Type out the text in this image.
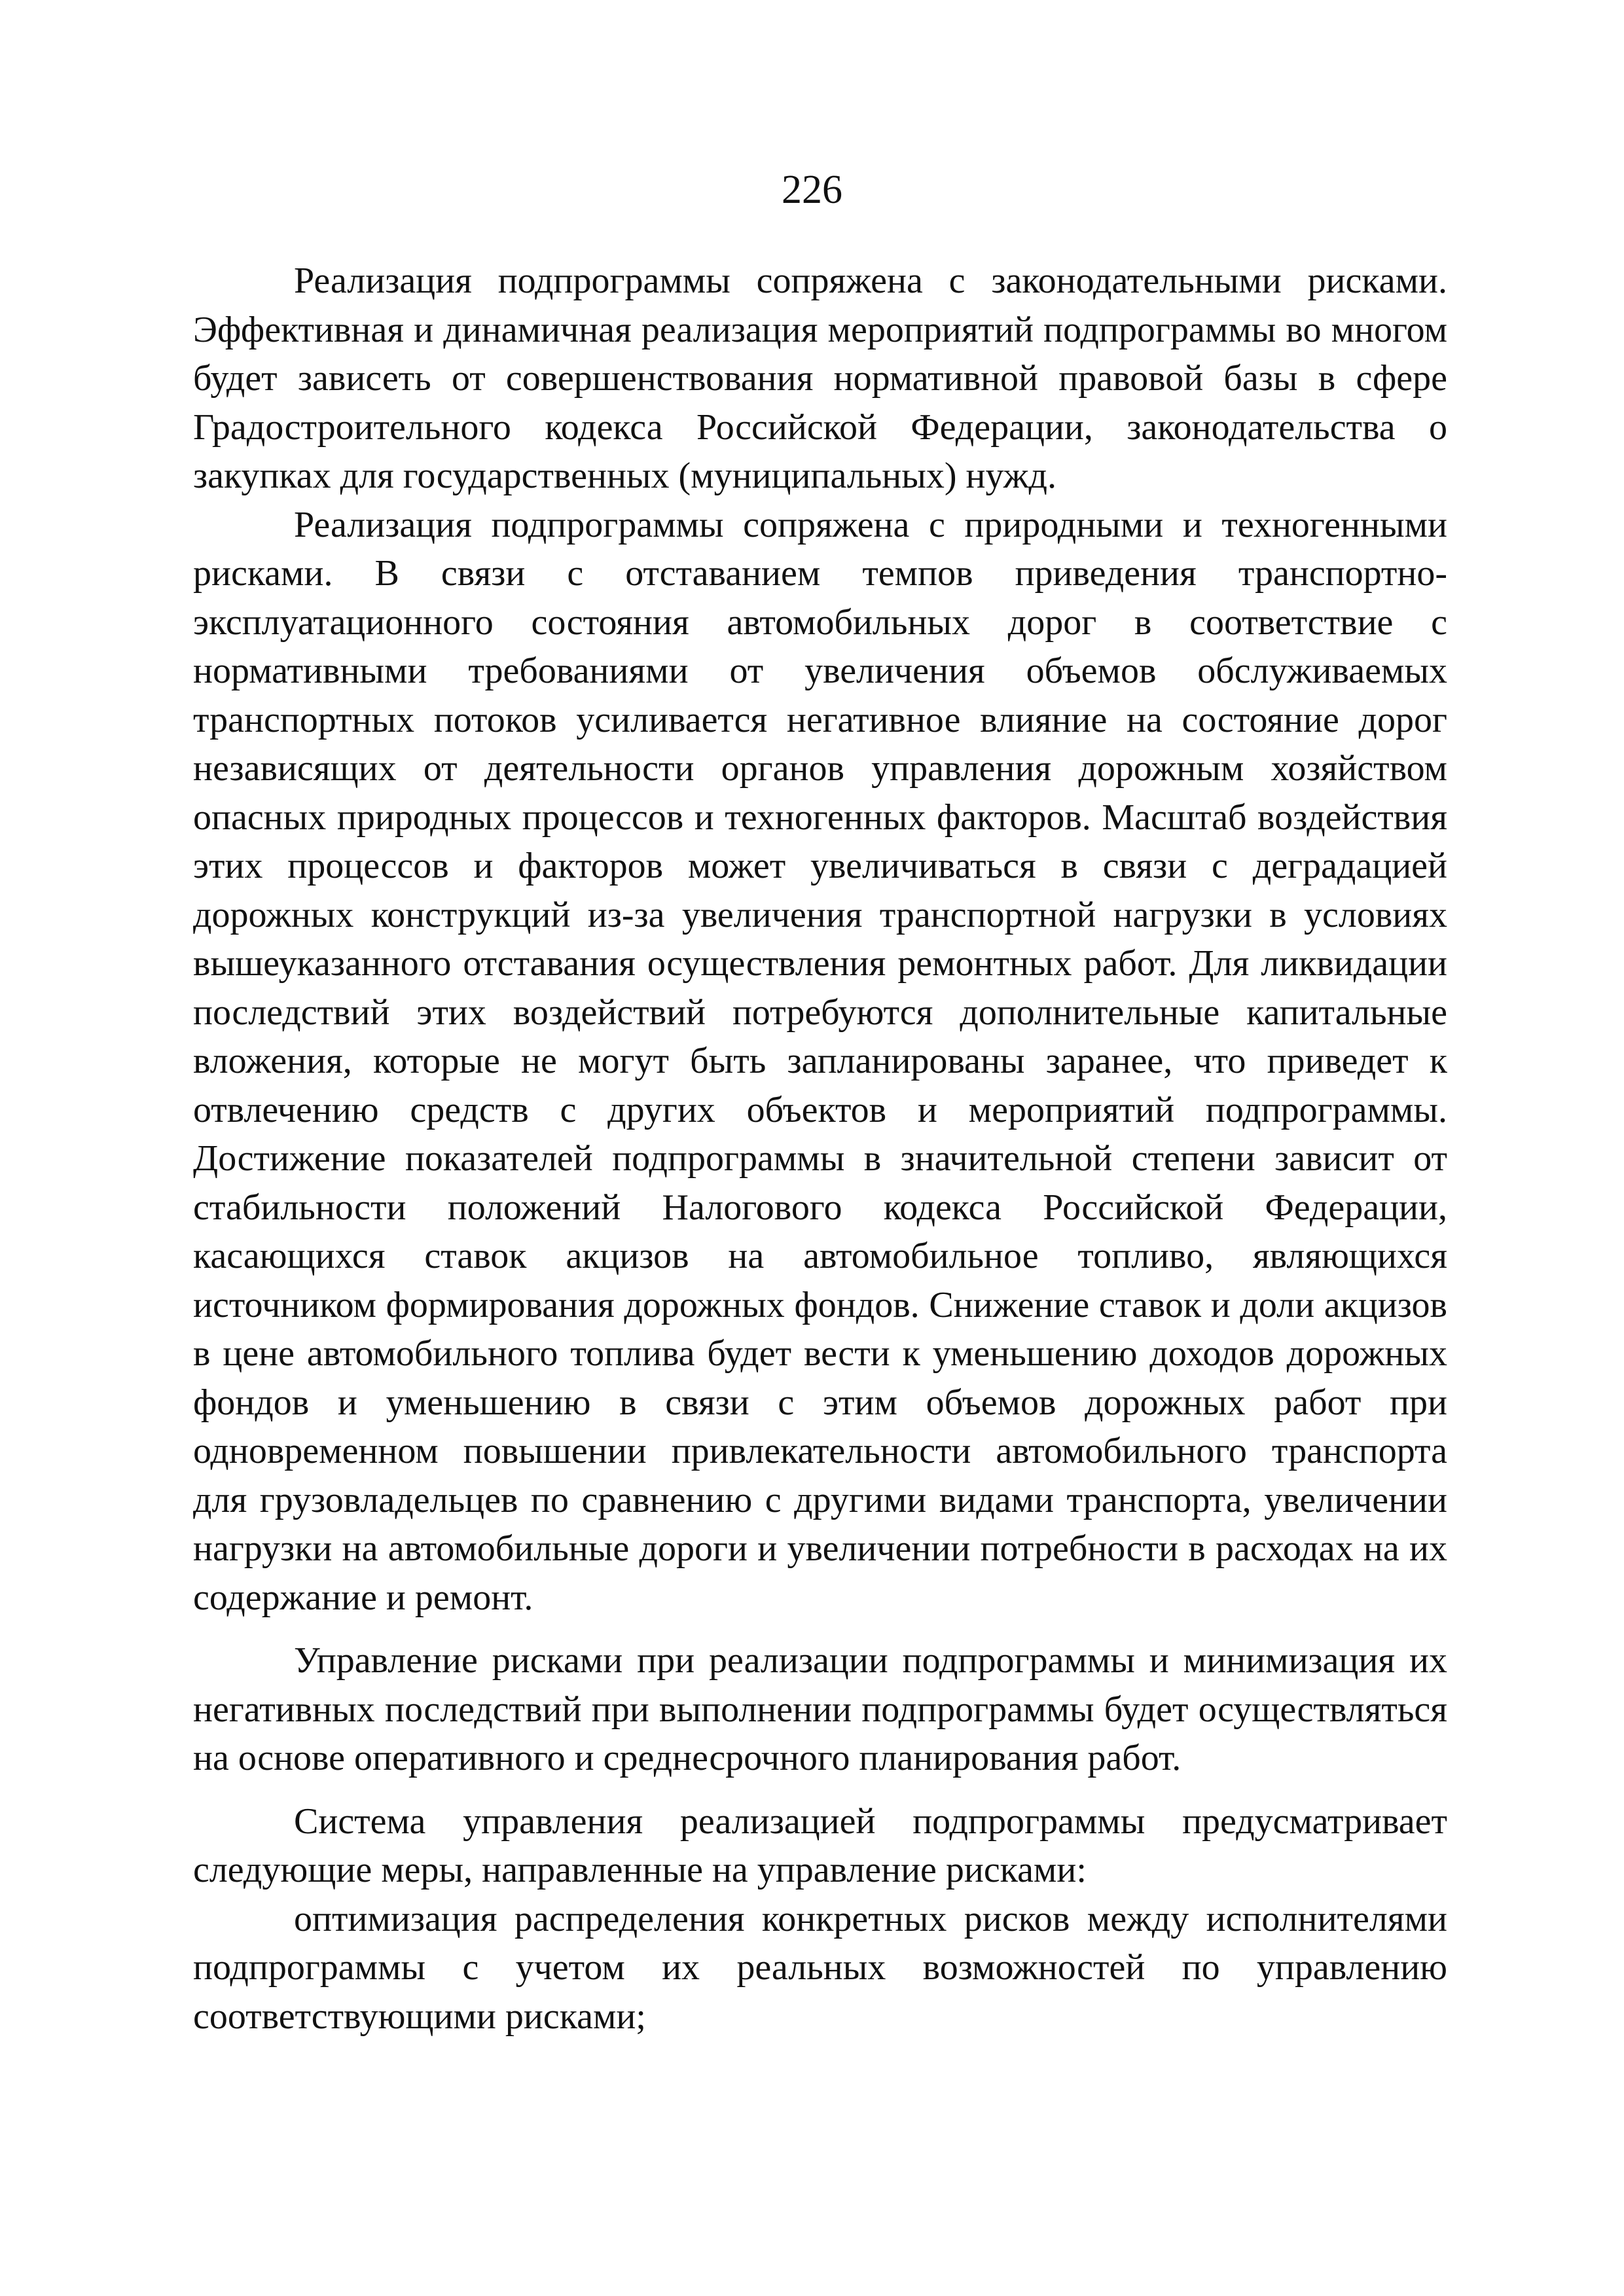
226

Реализация подпрограммы сопряжена с законодательными рисками. Эффективная и динамичная реализация мероприятий подпрограммы во многом будет зависеть от совершенствования нормативной правовой базы в сфере Градостроительного кодекса Российской Федерации, законодательства о закупках для государственных (муниципальных) нужд.

Реализация подпрограммы сопряжена с природными и техногенными рисками. В связи с отставанием темпов приведения транспортно-эксплуатационного состояния автомобильных дорог в соответствие с нормативными требованиями от увеличения объемов обслуживаемых транспортных потоков усиливается негативное влияние на состояние дорог независящих от деятельности органов управления дорожным хозяйством опасных природных процессов и техногенных факторов. Масштаб воздействия этих процессов и факторов может увеличиваться в связи с деградацией дорожных конструкций из-за увеличения транспортной нагрузки в условиях вышеуказанного отставания осуществления ремонтных работ. Для ликвидации последствий этих воздействий потребуются дополнительные капитальные вложения, которые не могут быть запланированы заранее, что приведет к отвлечению средств с других объектов и мероприятий подпрограммы. Достижение показателей подпрограммы в значительной степени зависит от стабильности положений Налогового кодекса Российской Федерации, касающихся ставок акцизов на автомобильное топливо, являющихся источником формирования дорожных фондов. Снижение ставок и доли акцизов в цене автомобильного топлива будет вести к уменьшению доходов дорожных фондов и уменьшению в связи с этим объемов дорожных работ при одновременном повышении привлекательности автомобильного транспорта для грузовладельцев по сравнению с другими видами транспорта, увеличении нагрузки на автомобильные дороги и увеличении потребности в расходах на их содержание и ремонт.

Управление рисками при реализации подпрограммы и минимизация их негативных последствий при выполнении подпрограммы будет осуществляться на основе оперативного и среднесрочного планирования работ.

Система управления реализацией подпрограммы предусматривает следующие меры, направленные на управление рисками:

оптимизация распределения конкретных рисков между исполнителями подпрограммы с учетом их реальных возможностей по управлению соответствующими рисками;
